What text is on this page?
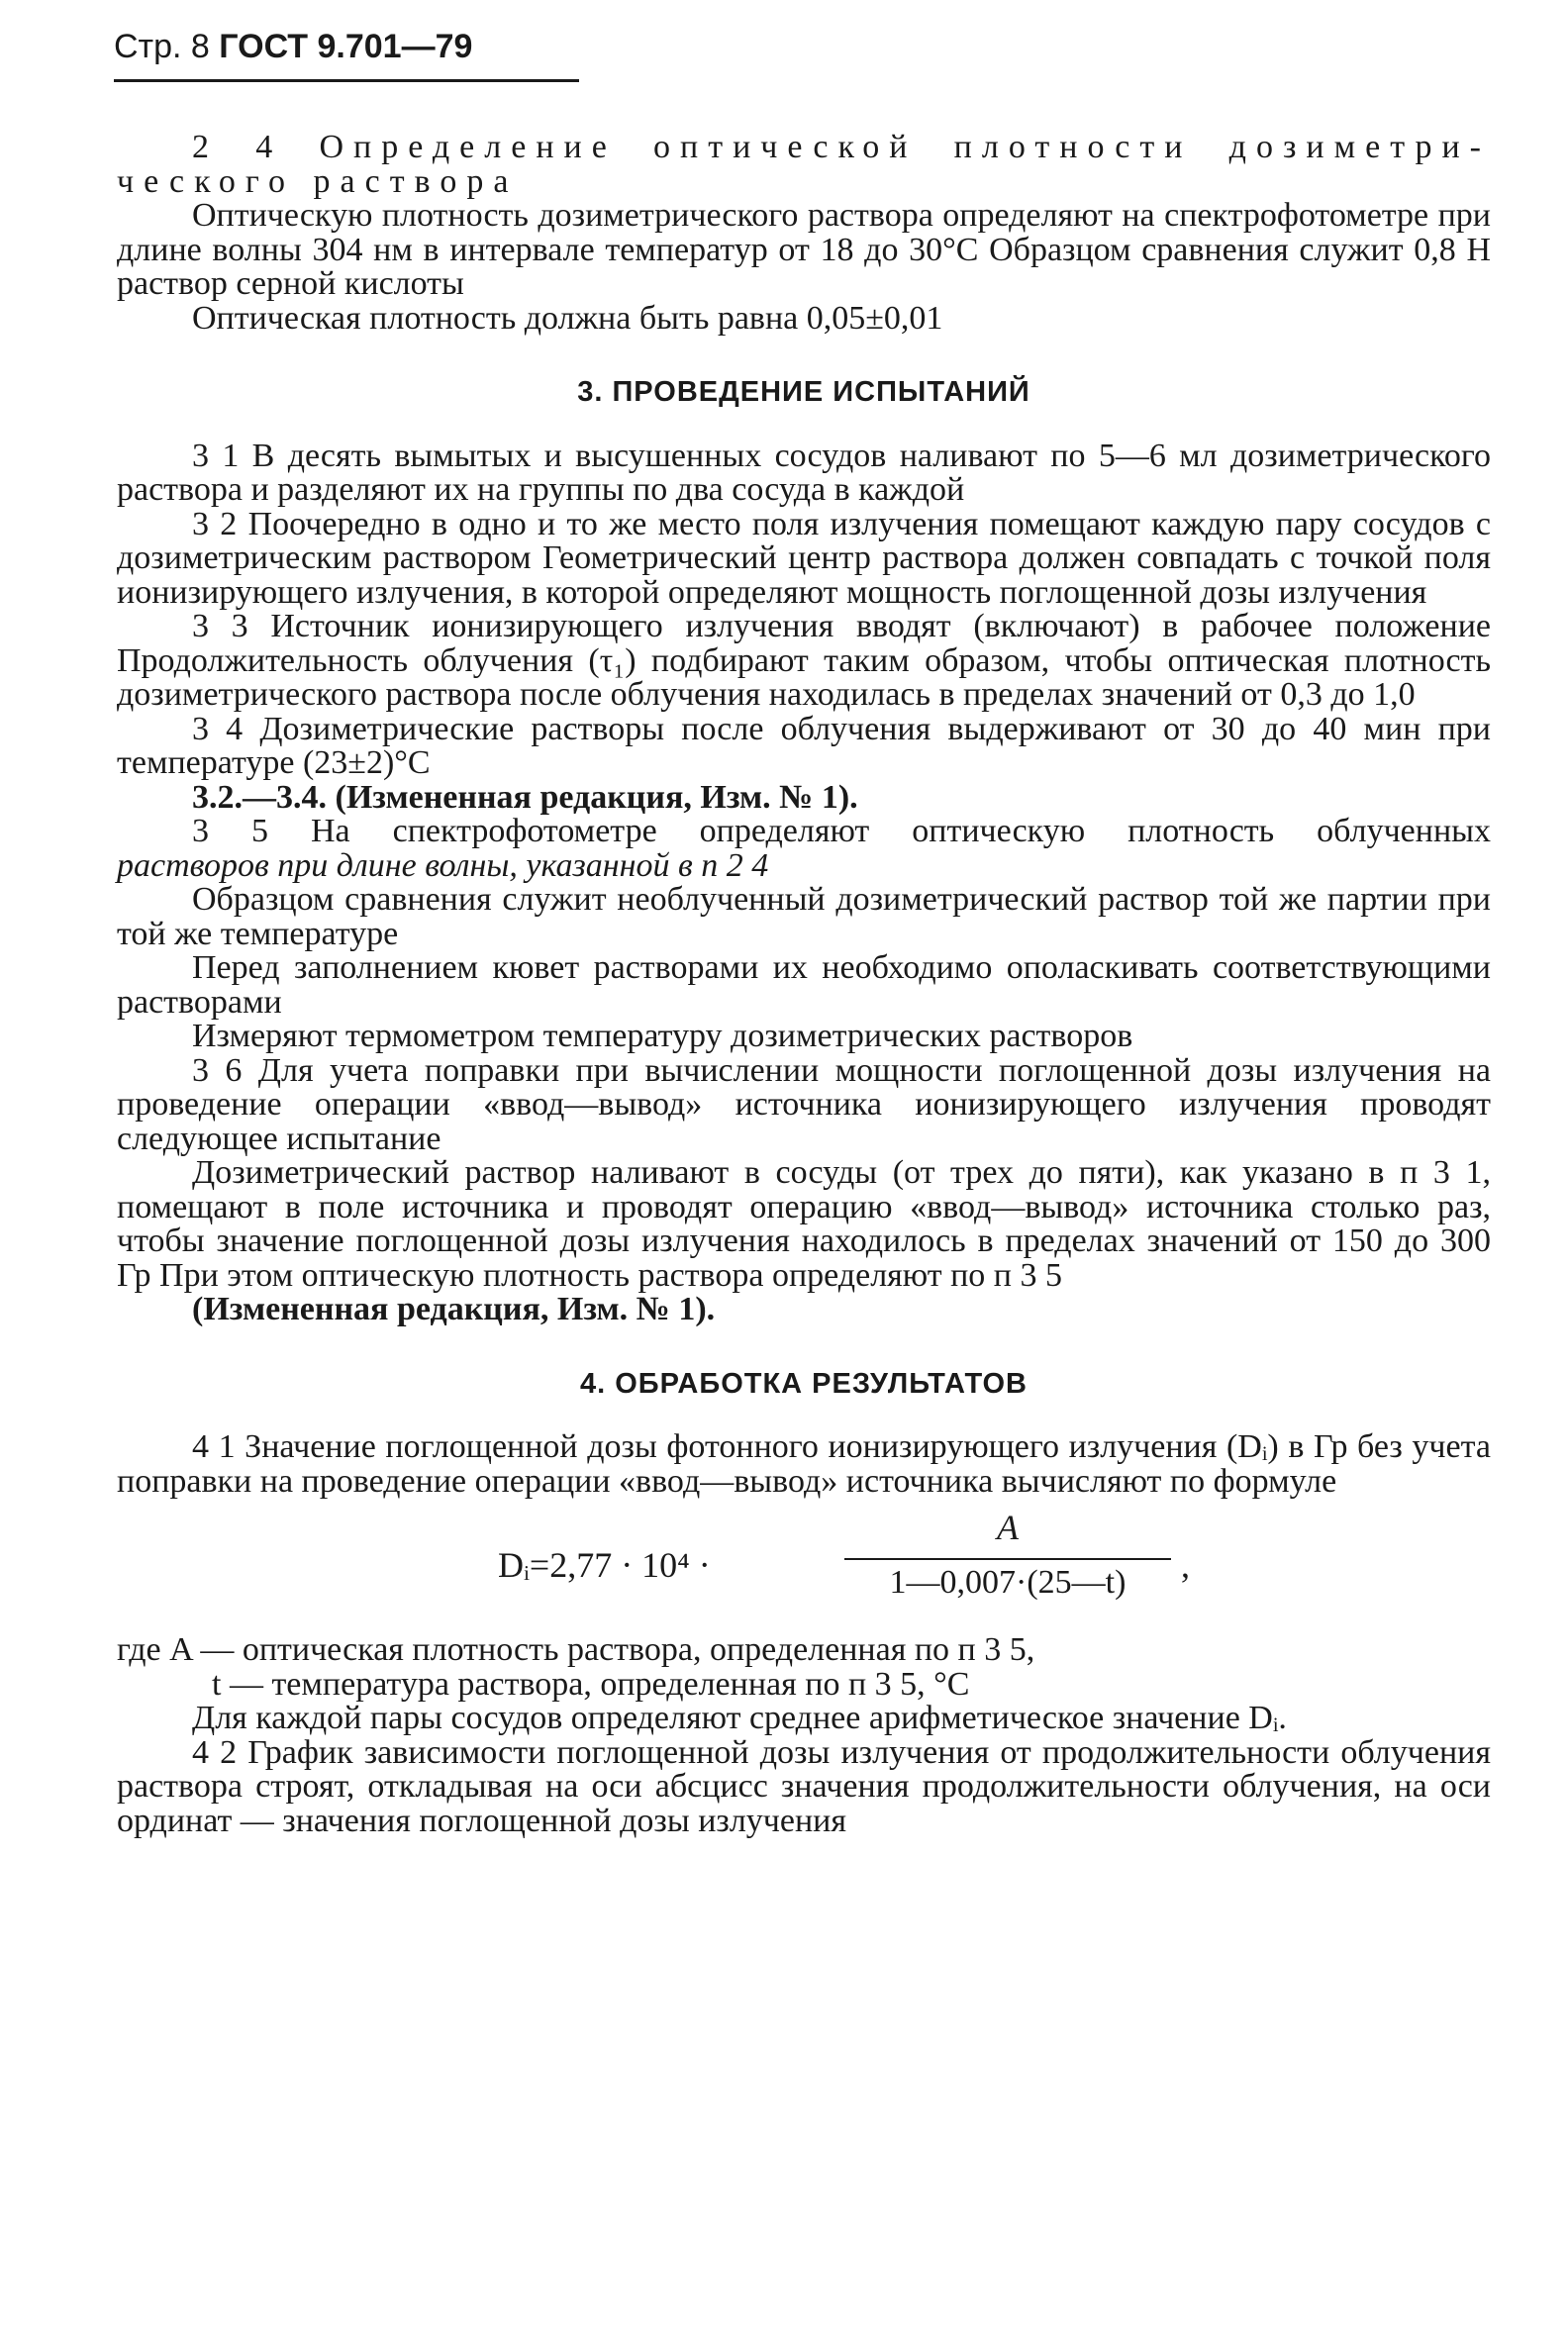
Стр. 8 ГОСТ 9.701—79

2 4 Определение оптической плотности дозиметри-

ческого раствора

Оптическую плотность дозиметрического раствора определяют на спектрофотометре при длине волны 304 нм в интервале температур от 18 до 30°С Образцом сравнения служит 0,8 Н раствор серной кислоты

Оптическая плотность должна быть равна 0,05±0,01

3. ПРОВЕДЕНИЕ ИСПЫТАНИЙ

3 1 В десять вымытых и высушенных сосудов наливают по 5—6 мл дозиметрического раствора и разделяют их на группы по два сосуда в каждой

3 2 Поочередно в одно и то же место поля излучения помещают каждую пару сосудов с дозиметрическим раствором Геометрический центр раствора должен совпадать с точкой поля ионизирующего излучения, в которой определяют мощность поглощенной дозы излучения

3 3 Источник ионизирующего излучения вводят (включают) в рабочее положение Продолжительность облучения (τ₁) подбирают таким образом, чтобы оптическая плотность дозиметрического раствора после облучения находилась в пределах значений от 0,3 до 1,0

3 4 Дозиметрические растворы после облучения выдерживают от 30 до 40 мин при температуре (23±2)°С

3.2.—3.4. (Измененная редакция, Изм. № 1).

3 5 На спектрофотометре определяют оптическую плотность облученных

растворов при длине волны, указанной в п 2 4

Образцом сравнения служит необлученный дозиметрический раствор той же партии при той же температуре

Перед заполнением кювет растворами их необходимо ополаскивать соответствующими растворами

Измеряют термометром температуру дозиметрических растворов

3 6 Для учета поправки при вычислении мощности поглощенной дозы излучения на проведение операции «ввод—вывод» источника ионизирующего излучения проводят следующее испытание

Дозиметрический раствор наливают в сосуды (от трех до пяти), как указано в п 3 1, помещают в поле источника и проводят операцию «ввод—вывод» источника столько раз, чтобы значение поглощенной дозы излучения находилось в пределах значений от 150 до 300 Гр При этом оптическую плотность раствора определяют по п 3 5

(Измененная редакция, Изм. № 1).

4. ОБРАБОТКА РЕЗУЛЬТАТОВ

4 1 Значение поглощенной дозы фотонного ионизирующего излучения (Dᵢ) в Гр без учета поправки на проведение операции «ввод—вывод» источника вычисляют по формуле

Dᵢ=2,77 · 10⁴ ·
A
1—0,007·(25—t)	,

где A — оптическая плотность раствора, определенная по п 3 5,

t — температура раствора, определенная по п 3 5, °С

Для каждой пары сосудов определяют среднее арифметическое значение Dᵢ.

4 2 График зависимости поглощенной дозы излучения от продолжительности облучения раствора строят, откладывая на оси абсцисс значения продолжительности облучения, на оси ординат — значения поглощенной дозы излучения
